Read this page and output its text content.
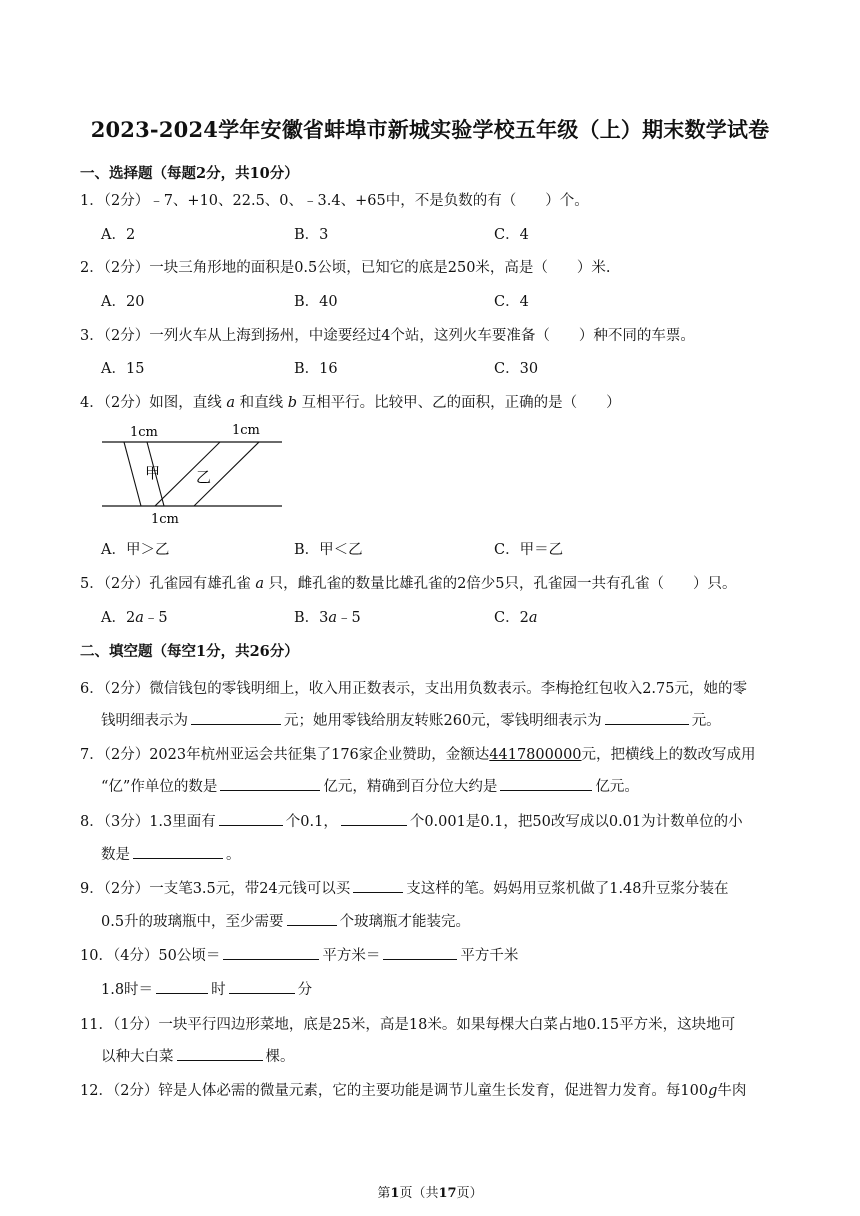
2023-2024学年安徽省蚌埠市新城实验学校五年级（上）期末数学试卷
一、选择题（每题2分，共10分）
1．（2分）﹣7、+10、22.5、0、﹣3.4、+65中，不是负数的有（　　）个。
A．2	B．3	C．4
2．（2分）一块三角形地的面积是0.5公顷，已知它的底是250米，高是（　　）米.
A．20	B．40	C．4
3．（2分）一列火车从上海到扬州，中途要经过4个站，这列火车要准备（　　）种不同的车票。
A．15	B．16	C．30
4．（2分）如图，直线 a 和直线 b 互相平行。比较甲、乙的面积，正确的是（　　）
1cm	1cm
1cm
甲 乙
A．甲＞乙	B．甲＜乙	C．甲＝乙
5．（2分）孔雀园有雄孔雀 a 只，雌孔雀的数量比雄孔雀的2倍少5只，孔雀园一共有孔雀（　　）只。
A．2a﹣5	B．3a﹣5	C．2a
二、填空题（每空1分，共26分）
6．（2分）微信钱包的零钱明细上，收入用正数表示，支出用负数表示。李梅抢红包收入2.75元，她的零
钱明细表示为	元；她用零钱给朋友转账260元，零钱明细表示为	元。
7．（2分）2023年杭州亚运会共征集了176家企业赞助，金额达4417800000元，把横线上的数改写成用
“亿”作单位的数是	亿元，精确到百分位大约是	亿元。
8．（3分）1.3里面有	个0.1，	个0.001是0.1，把50改写成以0.01为计数单位的小
数是	。
9．（2分）一支笔3.5元，带24元钱可以买	支这样的笔。妈妈用豆浆机做了1.48升豆浆分装在
0.5升的玻璃瓶中，至少需要	个玻璃瓶才能装完。
10．（4分）50公顷＝	平方米＝	平方千米
1.8时＝	时	分
11．（1分）一块平行四边形菜地，底是25米，高是18米。如果每棵大白菜占地0.15平方米，这块地可
以种大白菜	棵。
12．（2分）锌是人体必需的微量元素，它的主要功能是调节儿童生长发育，促进智力发育。每100g牛肉
第1页（共17页）
